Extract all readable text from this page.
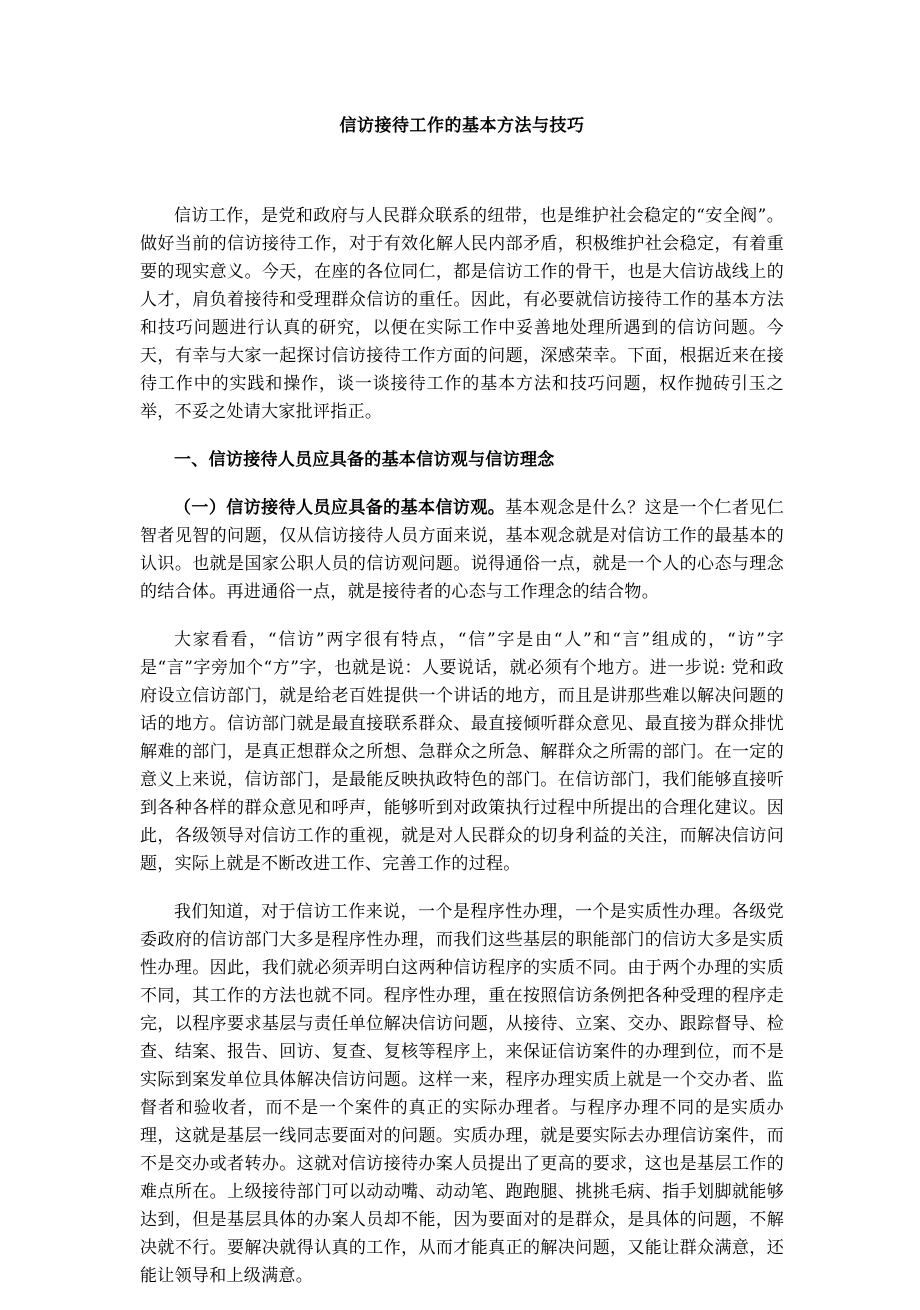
信访接待工作的基本方法与技巧

信访工作，是党和政府与人民群众联系的纽带，也是维护社会稳定的“安全阀”。做好当前的信访接待工作，对于有效化解人民内部矛盾，积极维护社会稳定，有着重要的现实意义。今天，在座的各位同仁，都是信访工作的骨干，也是大信访战线上的人才，肩负着接待和受理群众信访的重任。因此，有必要就信访接待工作的基本方法和技巧问题进行认真的研究，以便在实际工作中妥善地处理所遇到的信访问题。今天，有幸与大家一起探讨信访接待工作方面的问题，深感荣幸。下面，根据近来在接待工作中的实践和操作，谈一谈接待工作的基本方法和技巧问题，权作抛砖引玉之举，不妥之处请大家批评指正。

一、信访接待人员应具备的基本信访观与信访理念

（一）信访接待人员应具备的基本信访观。基本观念是什么？这是一个仁者见仁智者见智的问题，仅从信访接待人员方面来说，基本观念就是对信访工作的最基本的认识。也就是国家公职人员的信访观问题。说得通俗一点，就是一个人的心态与理念的结合体。再进通俗一点，就是接待者的心态与工作理念的结合物。

大家看看，“信访”两字很有特点，“信”字是由“人”和“言”组成的，“访”字是“言”字旁加个“方”字，也就是说：人要说话，就必须有个地方。进一步说: 党和政府设立信访部门，就是给老百姓提供一个讲话的地方，而且是讲那些难以解决问题的话的地方。信访部门就是最直接联系群众、最直接倾听群众意见、最直接为群众排忧解难的部门，是真正想群众之所想、急群众之所急、解群众之所需的部门。在一定的意义上来说，信访部门，是最能反映执政特色的部门。在信访部门，我们能够直接听到各种各样的群众意见和呼声，能够听到对政策执行过程中所提出的合理化建议。因此，各级领导对信访工作的重视，就是对人民群众的切身利益的关注，而解决信访问题，实际上就是不断改进工作、完善工作的过程。

我们知道，对于信访工作来说，一个是程序性办理，一个是实质性办理。各级党委政府的信访部门大多是程序性办理，而我们这些基层的职能部门的信访大多是实质性办理。因此，我们就必须弄明白这两种信访程序的实质不同。由于两个办理的实质不同，其工作的方法也就不同。程序性办理，重在按照信访条例把各种受理的程序走完，以程序要求基层与责任单位解决信访问题，从接待、立案、交办、跟踪督导、检查、结案、报告、回访、复查、复核等程序上，来保证信访案件的办理到位，而不是实际到案发单位具体解决信访问题。这样一来，程序办理实质上就是一个交办者、监督者和验收者，而不是一个案件的真正的实际办理者。与程序办理不同的是实质办理，这就是基层一线同志要面对的问题。实质办理，就是要实际去办理信访案件，而不是交办或者转办。这就对信访接待办案人员提出了更高的要求，这也是基层工作的难点所在。上级接待部门可以动动嘴、动动笔、跑跑腿、挑挑毛病、指手划脚就能够达到，但是基层具体的办案人员却不能，因为要面对的是群众，是具体的问题，不解决就不行。要解决就得认真的工作，从而才能真正的解决问题，又能让群众满意，还能让领导和上级满意。
